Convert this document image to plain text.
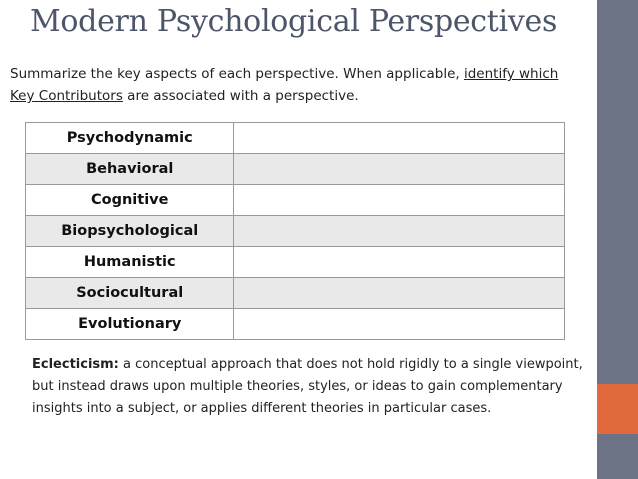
Modern Psychological Perspectives
Summarize the key aspects of each perspective. When applicable, identify which Key Contributors are associated with a perspective.
Psychodynamic	
Behavioral	
Cognitive	
Biopsychological	
Humanistic	
Sociocultural	
Evolutionary	
Eclecticism: a conceptual approach that does not hold rigidly to a single viewpoint, but instead draws upon multiple theories, styles, or ideas to gain complementary insights into a subject, or applies different theories in particular cases.
